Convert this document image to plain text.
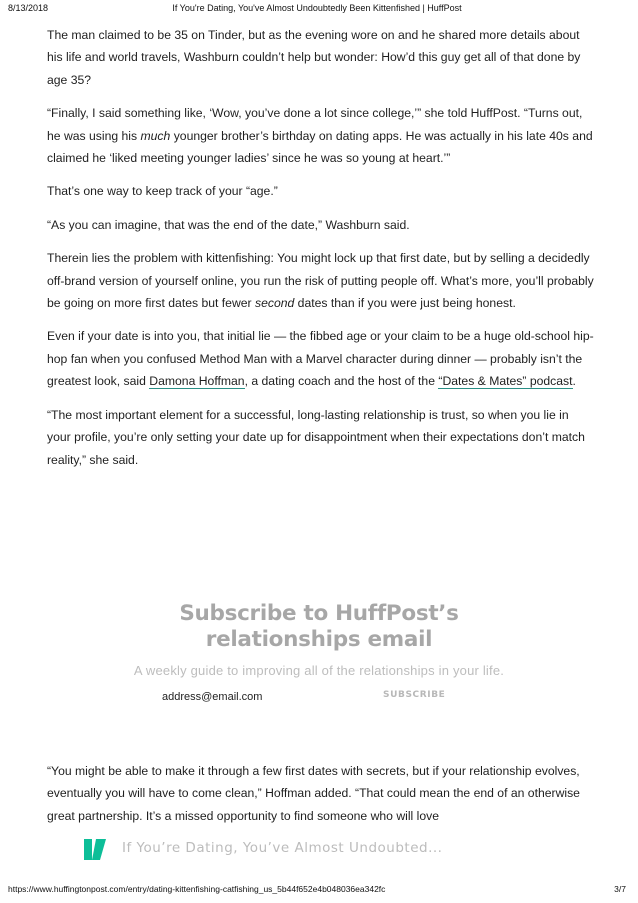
8/13/2018	If You're Dating, You've Almost Undoubtedly Been Kittenfished | HuffPost

The man claimed to be 35 on Tinder, but as the evening wore on and he shared more details about his life and world travels, Washburn couldn’t help but wonder: How’d this guy get all of that done by age 35?

“Finally, I said something like, ‘Wow, you’ve done a lot since college,’” she told HuffPost. “Turns out, he was using his much younger brother’s birthday on dating apps. He was actually in his late 40s and claimed he ‘liked meeting younger ladies’ since he was so young at heart.’”

That’s one way to keep track of your “age.”

“As you can imagine, that was the end of the date,” Washburn said.

Therein lies the problem with kittenfishing: You might lock up that first date, but by selling a decidedly off-brand version of yourself online, you run the risk of putting people off. What’s more, you’ll probably be going on more first dates but fewer second dates than if you were just being honest.

Even if your date is into you, that initial lie — the fibbed age or your claim to be a huge old-school hip-hop fan when you confused Method Man with a Marvel character during dinner — probably isn’t the greatest look, said Damona Hoffman, a dating coach and the host of the “Dates & Mates” podcast.

“The most important element for a successful, long-lasting relationship is trust, so when you lie in your profile, you’re only setting your date up for disappointment when their expectations don’t match reality,” she said.

Subscribe to HuffPost’s relationships email
A weekly guide to improving all of the relationships in your life.
address@email.com
SUBSCRIBE

“You might be able to make it through a few first dates with secrets, but if your relationship evolves, eventually you will have to come clean,” Hoffman added. “That could mean the end of an otherwise great partnership. It’s a missed opportunity to find someone who will love

If You’re Dating, You’ve Almost Undoubted...
https://www.huffingtonpost.com/entry/dating-kittenfishing-catfishing_us_5b44f652e4b048036ea342fc	3/7
